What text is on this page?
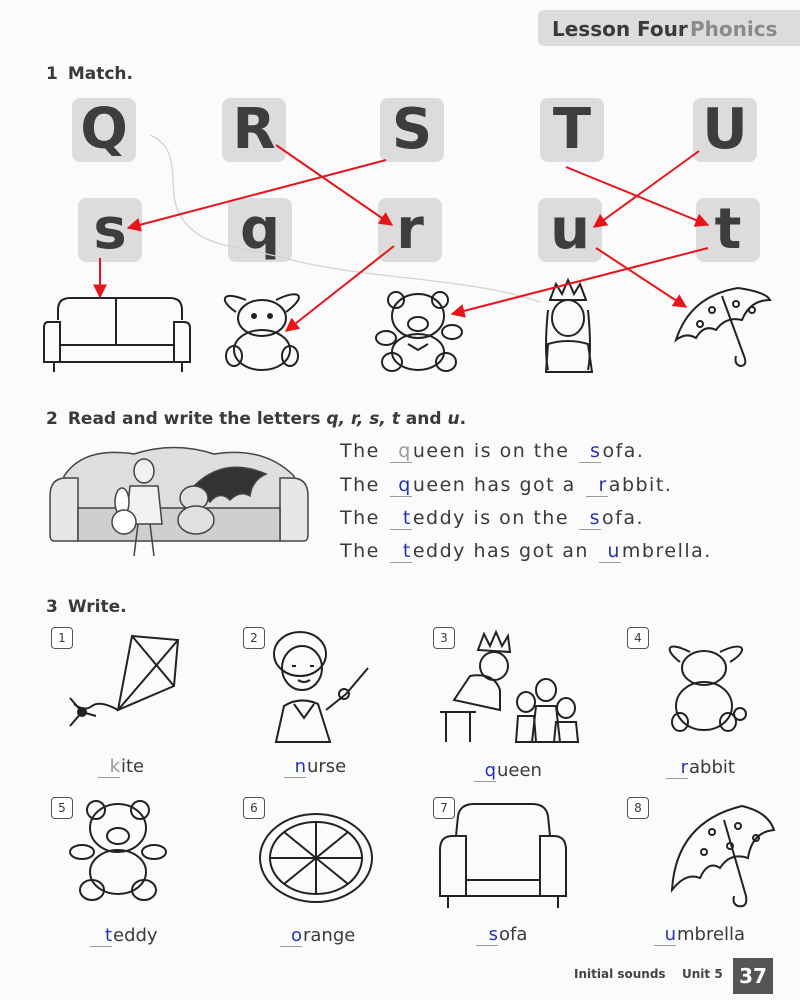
Lesson Four Phonics
1 Match.
Q R S T U
s q	r	u	t
2 Read and write the letters q, r, s, t and u.
The queen is on the sofa.
The queen has got a rabbit.
The teddy is on the sofa.
The teddy has got an umbrella.
3 Write.
1	2	3	4
5	6	7	8
kite	nurse	queen	rabbit
teddy	orange	sofa	umbrella
Initial sounds Unit 5 37
